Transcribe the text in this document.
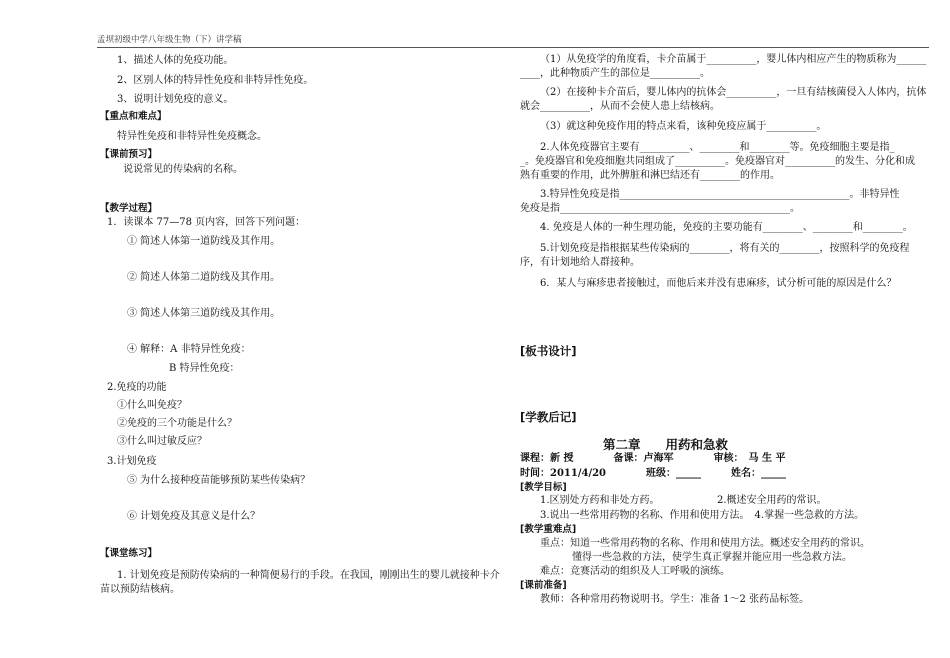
孟坝初级中学八年级生物（下）讲学稿
1、描述人体的免疫功能。
2、区别人体的特异性免疫和非特异性免疫。
3、说明计划免疫的意义。
【重点和难点】
特异性免疫和非特异性免疫概念。
【课前预习】
说说常见的传染病的名称。
【教学过程】
1．读课本 77—78 页内容，回答下列问题：
① 简述人体第一道防线及其作用。
② 简述人体第二道防线及其作用。
③ 简述人体第三道防线及其作用。
④ 解释：A 非特异性免疫：
B 特异性免疫：
2.免疫的功能
①什么叫免疫？
②免疫的三个功能是什么？
③什么叫过敏反应？
3.计划免疫
⑤ 为什么接种疫苗能够预防某些传染病？
⑥ 计划免疫及其意义是什么？
【课堂练习】
1. 计划免疫是预防传染病的一种简便易行的手段。在我国，刚刚出生的婴儿就接种卡介
苗以预防结核病。
（1）从免疫学的角度看，卡介苗属于__________，婴儿体内相应产生的物质称为______
____，此种物质产生的部位是__________。
（2）在接种卡介苗后，婴儿体内的抗体会__________，一旦有结核菌侵入人体内，抗体
就会__________，从而不会使人患上结核病。
（3）就这种免疫作用的特点来看，该种免疫应属于__________。
2.人体免疫器官主要有__________、________和________等。免疫细胞主要是指_
_。免疫器官和免疫细胞共同组成了__________。免疫器官对__________的发生、分化和成
熟有重要的作用，此外脾脏和淋巴结还有________的作用。
3.特异性免疫是指______________________________________________。非特异性
免疫是指______________________________________________。
4. 免疫是人体的一种生理功能，免疫的主要功能有________、________和________。
5.计划免疫是指根据某些传染病的________，将有关的________，按照科学的免疫程
序，有计划地给人群接种。
6．某人与麻疹患者接触过，而他后来并没有患麻疹，试分析可能的原因是什么？
[板书设计]
[学教后记]
第二章　　用药和急救
课程：新 授　　　　备课：卢海军　　　　审核：　马 生 平
时间：2011/4/20　　　　班级：_____　　　姓名：_____
[教学目标]
1.区别处方药和非处方药。	2.概述安全用药的常识。
3.说出一些常用药物的名称、作用和使用方法。　4.掌握一些急救的方法。
[教学重难点]
重点：知道一些常用药物的名称、作用和使用方法。概述安全用药的常识。
懂得一些急救的方法，使学生真正掌握并能应用一些急救方法。
难点：竞赛活动的组织及人工呼吸的演练。
[课前准备]
教师：各种常用药物说明书。学生：准备 1～2 张药品标签。
